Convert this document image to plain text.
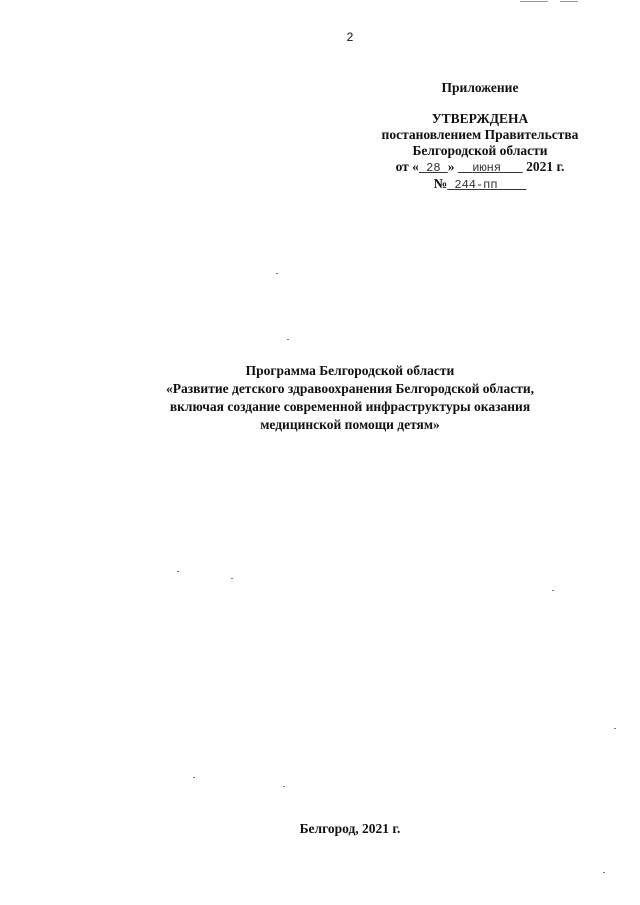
2
Приложение
УТВЕРЖДЕНА
постановлением Правительства
Белгородской области
от « 28 » июня 2021 г.
№ 244-пп
Программа Белгородской области
«Развитие детского здравоохранения Белгородской области,
включая создание современной инфраструктуры оказания
медицинской помощи детям»
Белгород, 2021 г.
